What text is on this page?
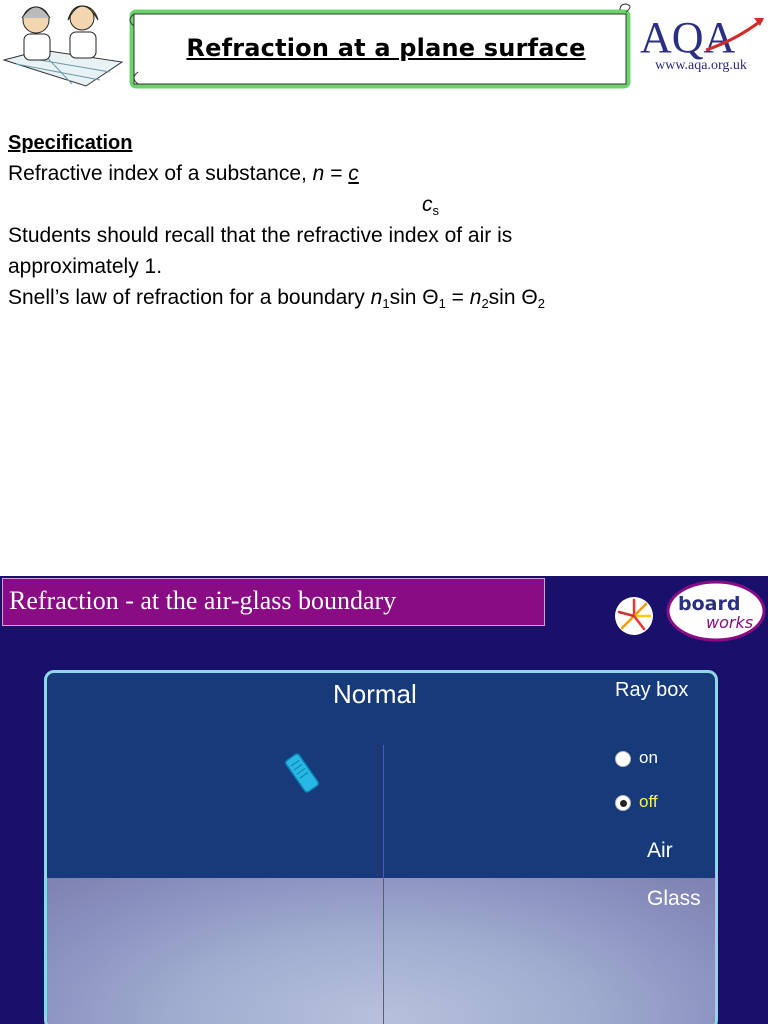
Refraction at a plane surface	AQA
www.aqa.org.uk
Specification
Refractive index of a substance, n = c
$c_s$
Students should recall that the refractive index of air is
approximately 1.
Snell’s law of refraction for a boundary $n_1\sin$ $\Theta_1 = n_2\sin$ $\Theta_2$
Refraction - at the air-glass boundary	board
works
Normal	Ray box
on
off
Air
Glass
